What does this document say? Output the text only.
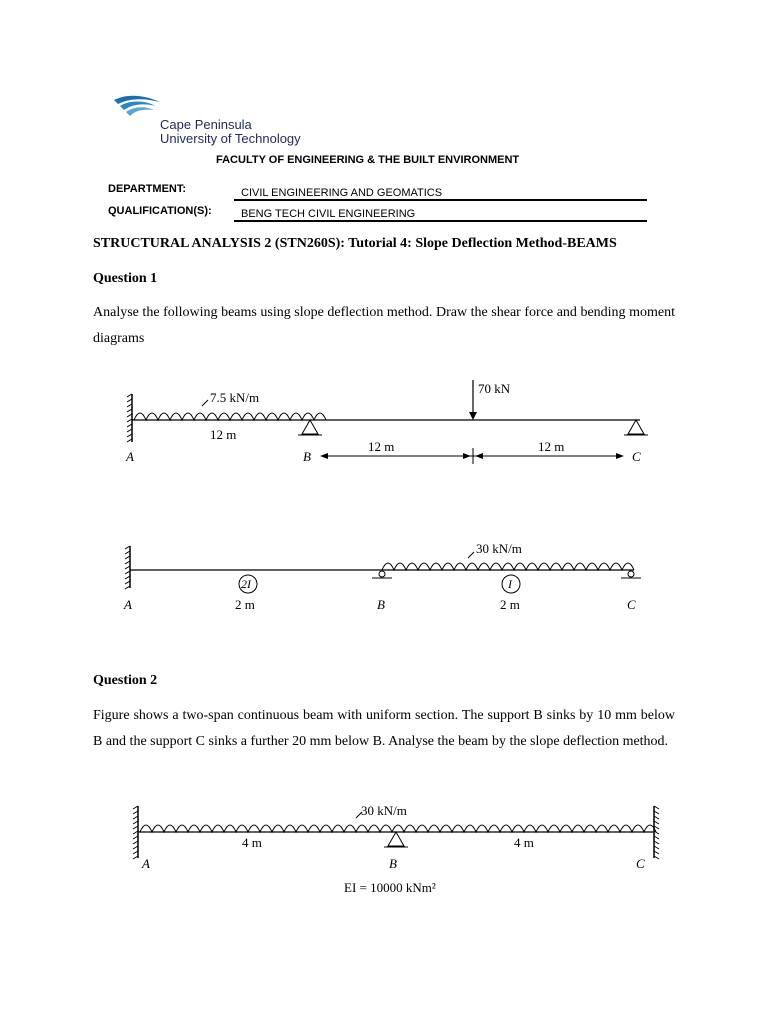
Cape Peninsula
University of Technology
FACULTY OF ENGINEERING & THE BUILT ENVIRONMENT
DEPARTMENT:	CIVIL ENGINEERING AND GEOMATICS
QUALIFICATION(S):	BENG TECH CIVIL ENGINEERING
STRUCTURAL ANALYSIS 2 (STN260S): Tutorial 4: Slope Deflection Method-BEAMS
Question 1
Analyse the following beams using slope deflection method. Draw the shear force and bending moment diagrams
7.5 kN/m
12 m
70 kN
12 m	12 m
A	B	C
30 kN/m
2I	I
A	2 m	B	2 m	C
Question 2
Figure shows a two-span continuous beam with uniform section. The support B sinks by 10 mm below B and the support C sinks a further 20 mm below B. Analyse the beam by the slope deflection method.
30 kN/m
4 m	4 m
A	B	C
EI = 10000 kNm²
